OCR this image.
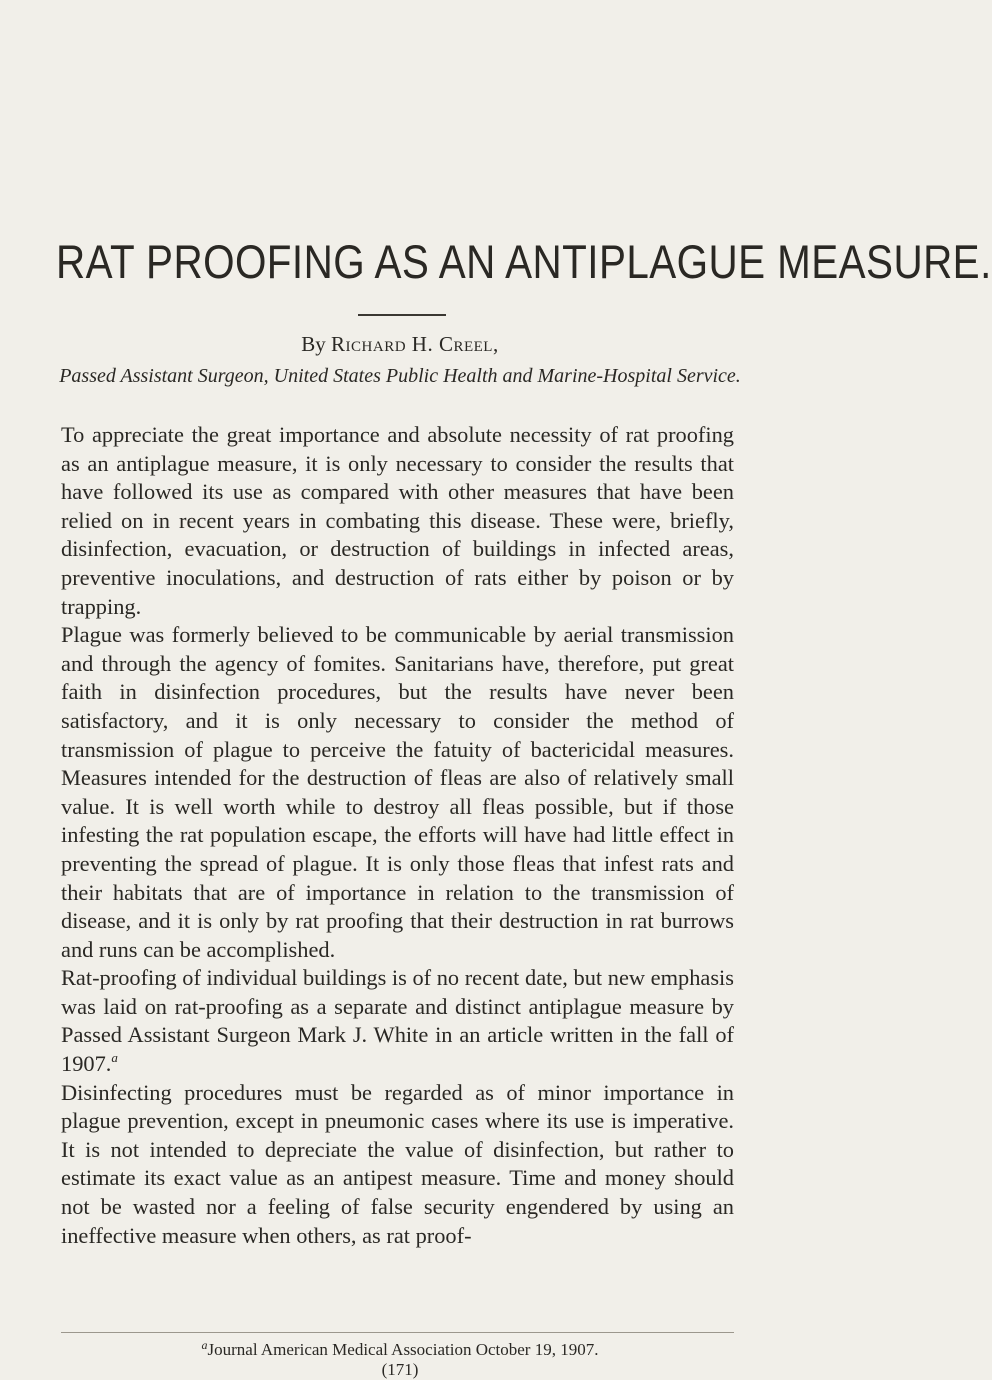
RAT PROOFING AS AN ANTIPLAGUE MEASURE.
By Richard H. Creel,
Passed Assistant Surgeon, United States Public Health and Marine-Hospital Service.

To appreciate the great importance and absolute necessity of rat proofing as an antiplague measure, it is only necessary to consider the results that have followed its use as compared with other measures that have been relied on in recent years in combating this disease. These were, briefly, disinfection, evacuation, or destruction of buildings in infected areas, preventive inoculations, and destruction of rats either by poison or by trapping.

Plague was formerly believed to be communicable by aerial transmission and through the agency of fomites. Sanitarians have, therefore, put great faith in disinfection procedures, but the results have never been satisfactory, and it is only necessary to consider the method of transmission of plague to perceive the fatuity of bactericidal measures. Measures intended for the destruction of fleas are also of relatively small value. It is well worth while to destroy all fleas possible, but if those infesting the rat population escape, the efforts will have had little effect in preventing the spread of plague. It is only those fleas that infest rats and their habitats that are of importance in relation to the transmission of disease, and it is only by rat proofing that their destruction in rat burrows and runs can be accomplished.

Rat-proofing of individual buildings is of no recent date, but new emphasis was laid on rat-proofing as a separate and distinct antiplague measure by Passed Assistant Surgeon Mark J. White in an article written in the fall of 1907.$^a$

Disinfecting procedures must be regarded as of minor importance in plague prevention, except in pneumonic cases where its use is imperative. It is not intended to depreciate the value of disinfection, but rather to estimate its exact value as an antipest measure. Time and money should not be wasted nor a feeling of false security engendered by using an ineffective measure when others, as rat proof-

$^a$Journal American Medical Association October 19, 1907.
(171)
